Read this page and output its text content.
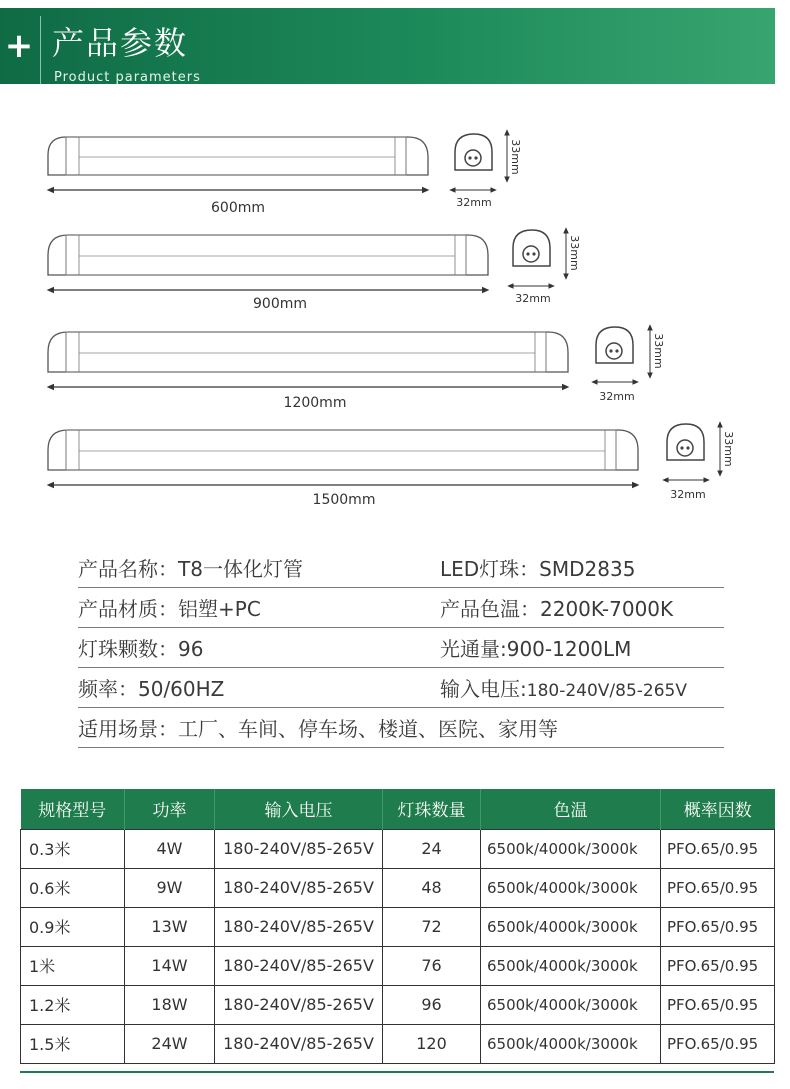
+ 产品参数
Product parameters
600mm
33mm
32mm
900mm
33mm
32mm
1200mm
33mm
32mm
1500mm
33mm
32mm
产品名称：T8一体化灯管	LED灯珠：SMD2835
产品材质：铝塑+PC	产品色温：2200K-7000K
灯珠颗数：96	光通量:900-1200LM
频率：50/60HZ	输入电压:180-240V/85-265V
适用场景：工厂、车间、停车场、楼道、医院、家用等
规格型号	功率	输入电压	灯珠数量	色温	概率因数
0.3米	4W	180-240V/85-265V	24	6500k/4000k/3000k	PFO.65/0.95
0.6米	9W	180-240V/85-265V	48	6500k/4000k/3000k	PFO.65/0.95
0.9米	13W	180-240V/85-265V	72	6500k/4000k/3000k	PFO.65/0.95
1米	14W	180-240V/85-265V	76	6500k/4000k/3000k	PFO.65/0.95
1.2米	18W	180-240V/85-265V	96	6500k/4000k/3000k	PFO.65/0.95
1.5米	24W	180-240V/85-265V	120	6500k/4000k/3000k	PFO.65/0.95
